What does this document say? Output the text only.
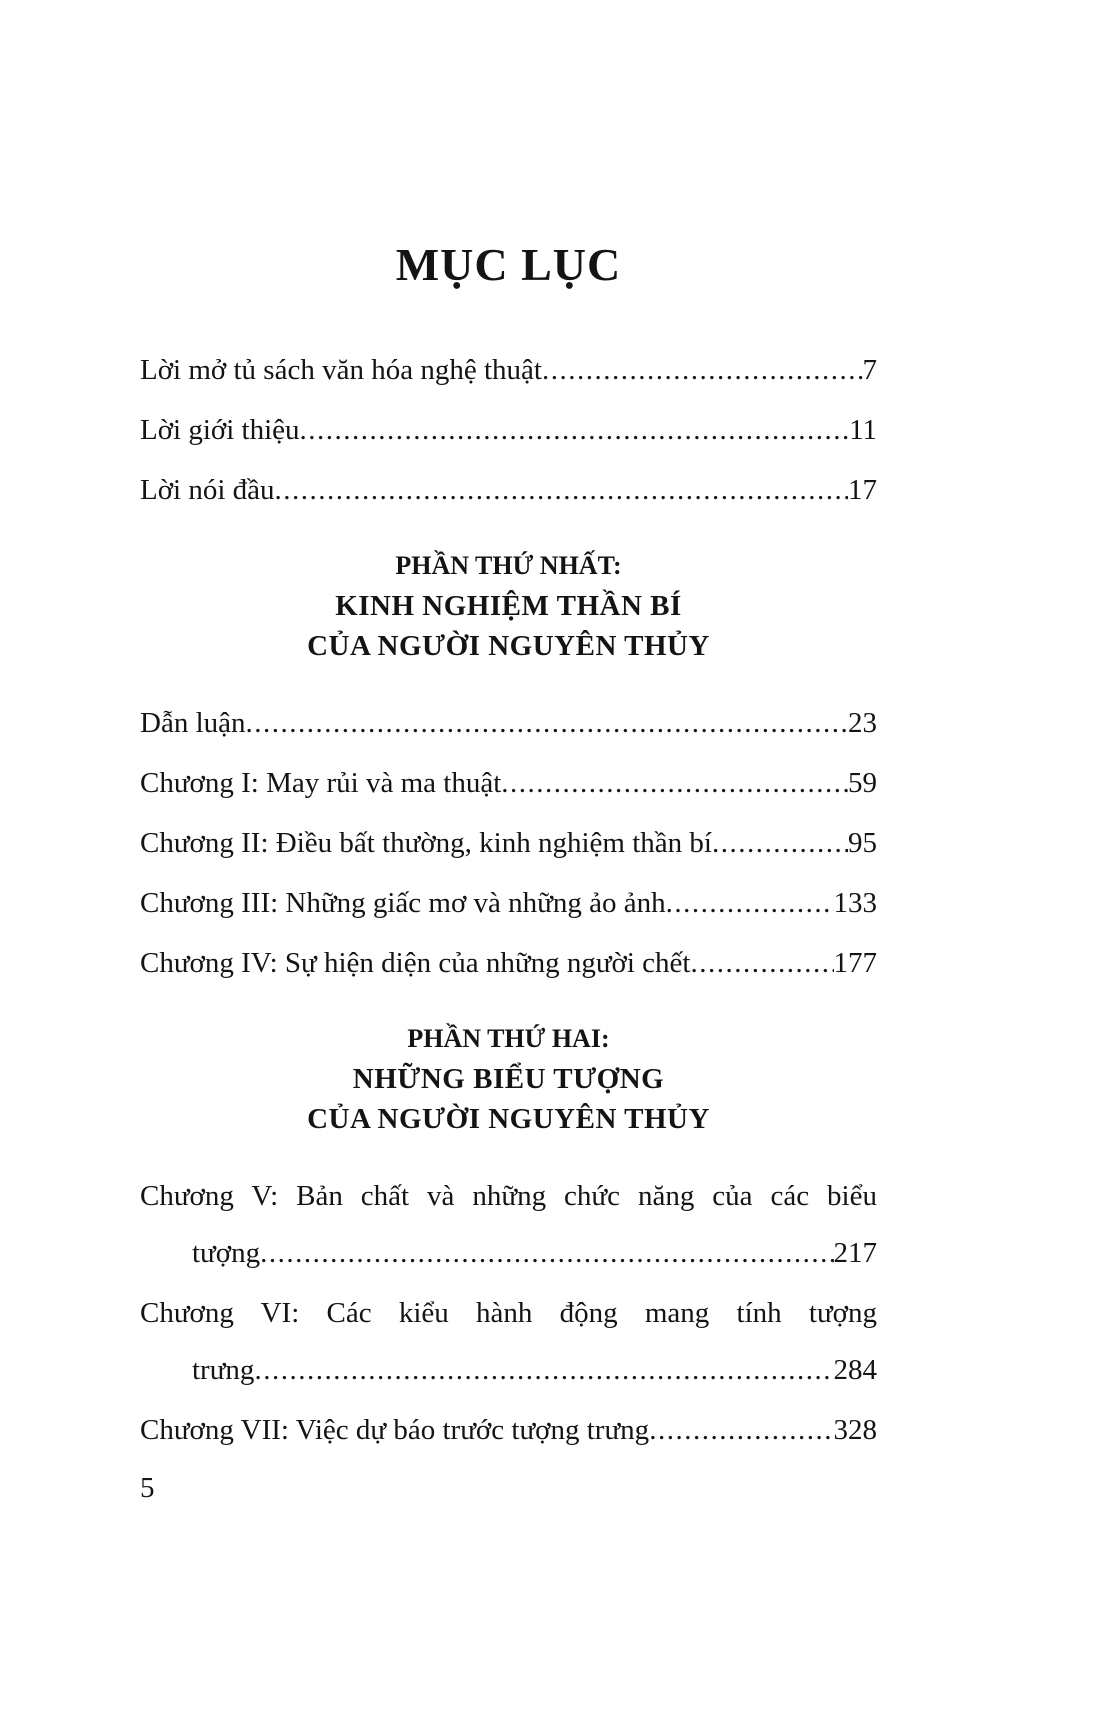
MỤC LỤC
Lời mở tủ sách văn hóa nghệ thuật .....	7
Lời giới thiệu .....	11
Lời nói đầu .....	17
PHẦN THỨ NHẤT:
KINH NGHIỆM THẦN BÍ
CỦA NGƯỜI NGUYÊN THỦY
Dẫn luận .....	23
Chương I: May rủi và ma thuật .....	59
Chương II: Điều bất thường, kinh nghiệm thần bí .....	95
Chương III: Những giấc mơ và những ảo ảnh .....	133
Chương IV: Sự hiện diện của những người chết .....	177
PHẦN THỨ HAI:
NHỮNG BIỂU TƯỢNG
CỦA NGƯỜI NGUYÊN THỦY
Chương V: Bản chất và những chức năng của các biểu
tượng .....	217
Chương VI: Các kiểu hành động mang tính tượng
trưng .....	284
Chương VII: Việc dự báo trước tượng trưng .....	328
5
